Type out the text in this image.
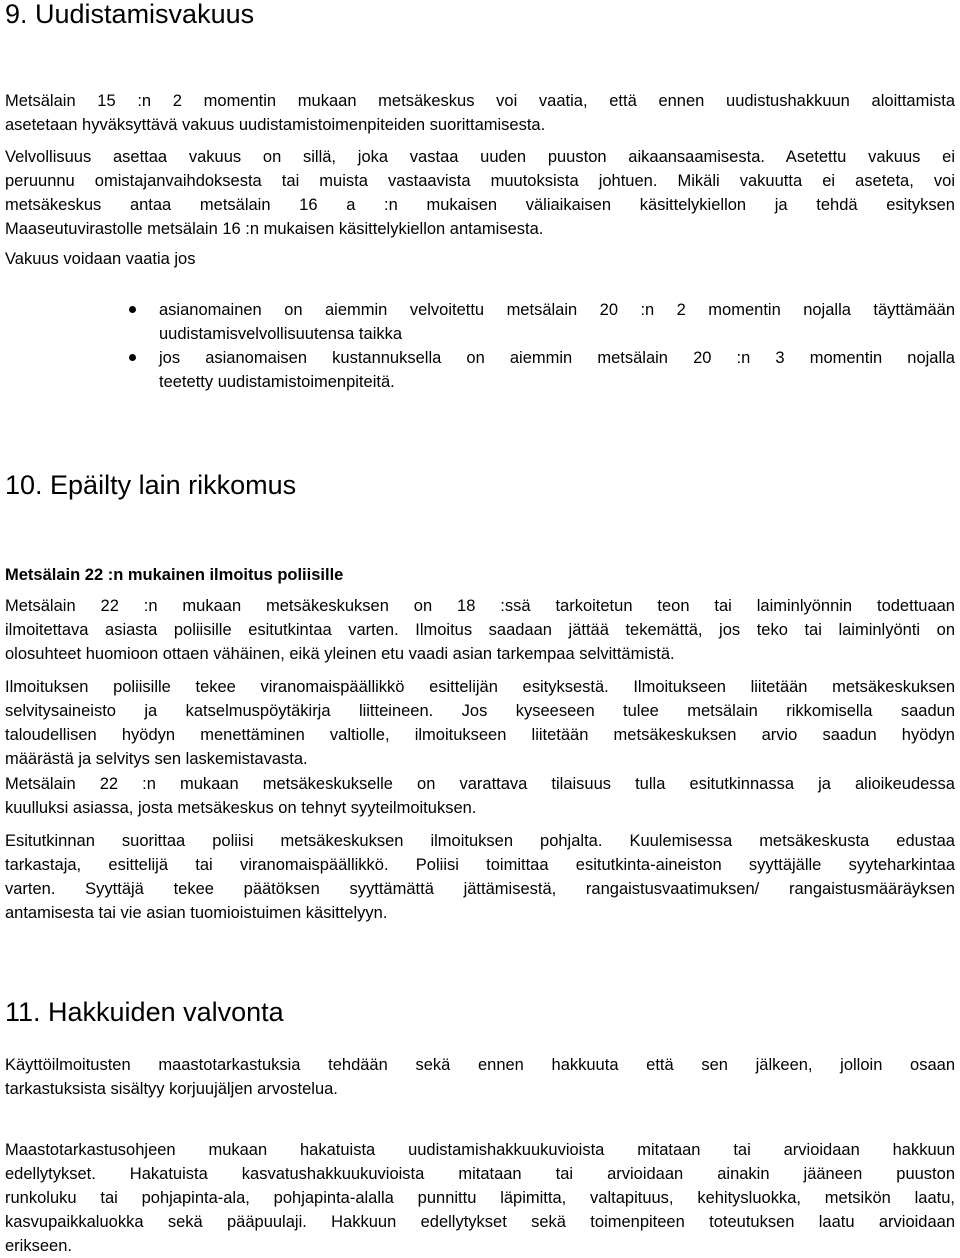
9. Uudistamisvakuus

Metsälain 15 :n 2 momentin mukaan metsäkeskus voi vaatia, että ennen uudistushakkuun aloittamista
asetetaan hyväksyttävä vakuus uudistamistoimenpiteiden suorittamisesta.

Velvollisuus asettaa vakuus on sillä, joka vastaa uuden puuston aikaansaamisesta. Asetettu vakuus ei
peruunnu omistajanvaihdoksesta tai muista vastaavista muutoksista johtuen. Mikäli vakuutta ei aseteta, voi
metsäkeskus antaa metsälain 16 a :n mukaisen väliaikaisen käsittelykiellon ja tehdä esityksen
Maaseutuvirastolle metsälain 16 :n mukaisen käsittelykiellon antamisesta.

Vakuus voidaan vaatia jos

asianomainen on aiemmin velvoitettu metsälain 20 :n 2 momentin nojalla täyttämään
uudistamisvelvollisuutensa taikka
jos asianomaisen kustannuksella on aiemmin metsälain 20 :n 3 momentin nojalla
teetetty uudistamistoimenpiteitä.
10. Epäilty lain rikkomus
Metsälain 22 :n mukainen ilmoitus poliisille

Metsälain 22 :n mukaan metsäkeskuksen on 18 :ssä tarkoitetun teon tai laiminlyönnin todettuaan
ilmoitettava asiasta poliisille esitutkintaa varten. Ilmoitus saadaan jättää tekemättä, jos teko tai laiminlyönti on
olosuhteet huomioon ottaen vähäinen, eikä yleinen etu vaadi asian tarkempaa selvittämistä.

Ilmoituksen poliisille tekee viranomaispäällikkö esittelijän esityksestä. Ilmoitukseen liitetään metsäkeskuksen
selvitysaineisto ja katselmuspöytäkirja liitteineen. Jos kyseeseen tulee metsälain rikkomisella saadun
taloudellisen hyödyn menettäminen valtiolle, ilmoitukseen liitetään metsäkeskuksen arvio saadun hyödyn
määrästä ja selvitys sen laskemistavasta.

Metsälain 22 :n mukaan metsäkeskukselle on varattava tilaisuus tulla esitutkinnassa ja alioikeudessa
kuulluksi asiassa, josta metsäkeskus on tehnyt syyteilmoituksen.

Esitutkinnan suorittaa poliisi metsäkeskuksen ilmoituksen pohjalta. Kuulemisessa metsäkeskusta edustaa
tarkastaja, esittelijä tai viranomaispäällikkö. Poliisi toimittaa esitutkinta-aineiston syyttäjälle syyteharkintaa
varten. Syyttäjä tekee päätöksen syyttämättä jättämisestä, rangaistusvaatimuksen/ rangaistusmääräyksen
antamisesta tai vie asian tuomioistuimen käsittelyyn.

11. Hakkuiden valvonta

Käyttöilmoitusten maastotarkastuksia tehdään sekä ennen hakkuuta että sen jälkeen, jolloin osaan
tarkastuksista sisältyy korjuujäljen arvostelua.

Maastotarkastusohjeen mukaan hakatuista uudistamishakkuukuvioista mitataan tai arvioidaan hakkuun
edellytykset. Hakatuista kasvatushakkuukuvioista mitataan tai arvioidaan ainakin jääneen puuston
runkoluku tai pohjapinta-ala, pohjapinta-alalla punnittu läpimitta, valtapituus, kehitysluokka, metsikön laatu,
kasvupaikkaluokka sekä pääpuulaji. Hakkuun edellytykset sekä toimenpiteen toteutuksen laatu arvioidaan
erikseen.
